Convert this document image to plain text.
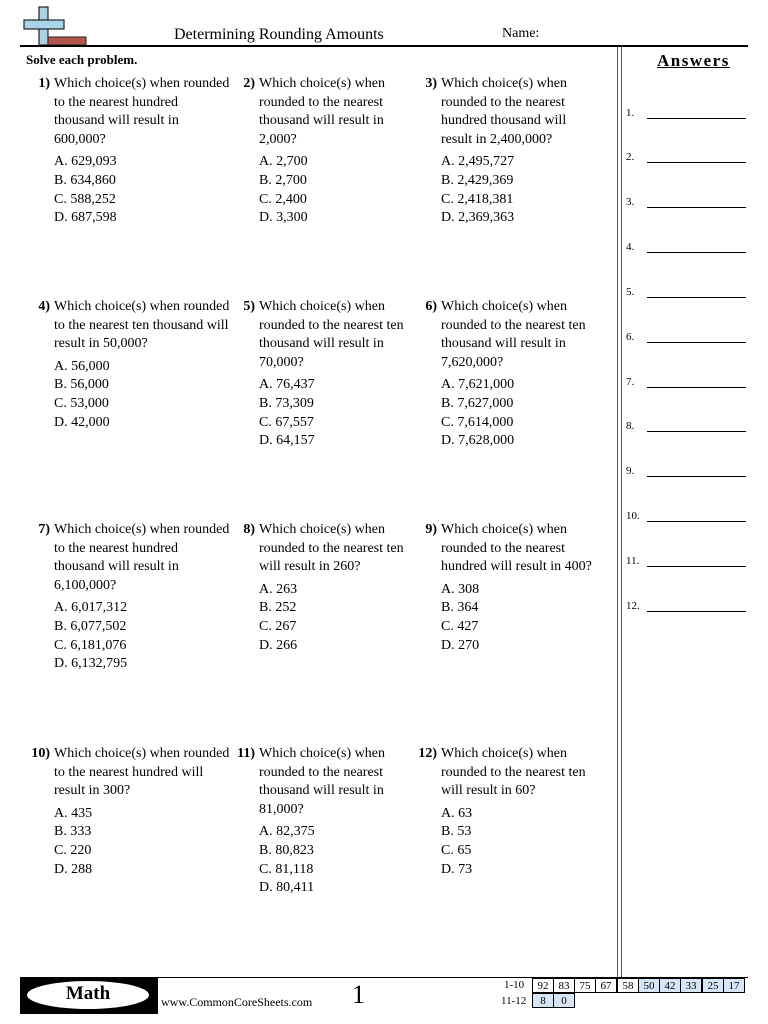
Determining Rounding Amounts	Name:
Solve each problem.
1) Which choice(s) when rounded to the nearest hundred thousand will result in 600,000?
A. 629,093
B. 634,860
C. 588,252
D. 687,598
2) Which choice(s) when rounded to the nearest thousand will result in 2,000?
A. 2,700
B. 2,700
C. 2,400
D. 3,300
3) Which choice(s) when rounded to the nearest hundred thousand will result in 2,400,000?
A. 2,495,727
B. 2,429,369
C. 2,418,381
D. 2,369,363
4) Which choice(s) when rounded to the nearest ten thousand will result in 50,000?
A. 56,000
B. 56,000
C. 53,000
D. 42,000
5) Which choice(s) when rounded to the nearest ten thousand will result in 70,000?
A. 76,437
B. 73,309
C. 67,557
D. 64,157
6) Which choice(s) when rounded to the nearest ten thousand will result in 7,620,000?
A. 7,621,000
B. 7,627,000
C. 7,614,000
D. 7,628,000
7) Which choice(s) when rounded to the nearest hundred thousand will result in 6,100,000?
A. 6,017,312
B. 6,077,502
C. 6,181,076
D. 6,132,795
8) Which choice(s) when rounded to the nearest ten will result in 260?
A. 263
B. 252
C. 267
D. 266
9) Which choice(s) when rounded to the nearest hundred will result in 400?
A. 308
B. 364
C. 427
D. 270
10) Which choice(s) when rounded to the nearest hundred will result in 300?
A. 435
B. 333
C. 220
D. 288
11) Which choice(s) when rounded to the nearest thousand will result in 81,000?
A. 82,375
B. 80,823
C. 81,118
D. 80,411
12) Which choice(s) when rounded to the nearest ten will result in 60?
A. 63
B. 53
C. 65
D. 73
Answers
1.
2.
3.
4.
5.
6.
7.
8.
9.
10.
11.
12.
Math	www.CommonCoreSheets.com 1	1-10	92 83 75 67	58 50 42 33	25 17
11-12	8	0
